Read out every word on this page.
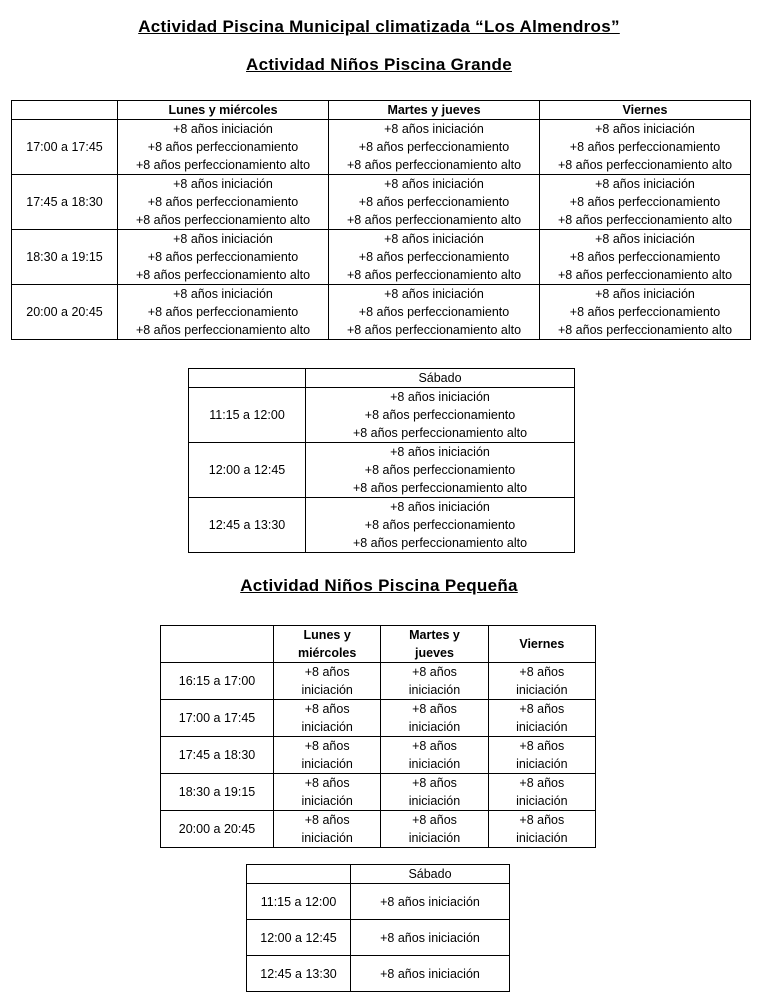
Actividad Piscina Municipal climatizada “Los Almendros”
Actividad Niños Piscina Grande
	Lunes y miércoles	Martes y jueves	Viernes
17:00 a 17:45	+8 años iniciación
+8 años perfeccionamiento
+8 años perfeccionamiento alto	+8 años iniciación
+8 años perfeccionamiento
+8 años perfeccionamiento alto	+8 años iniciación
+8 años perfeccionamiento
+8 años perfeccionamiento alto

17:45 a 18:30	+8 años iniciación
+8 años perfeccionamiento
+8 años perfeccionamiento alto	+8 años iniciación
+8 años perfeccionamiento
+8 años perfeccionamiento alto	+8 años iniciación
+8 años perfeccionamiento
+8 años perfeccionamiento alto

18:30 a 19:15	+8 años iniciación
+8 años perfeccionamiento
+8 años perfeccionamiento alto	+8 años iniciación
+8 años perfeccionamiento
+8 años perfeccionamiento alto	+8 años iniciación
+8 años perfeccionamiento
+8 años perfeccionamiento alto

20:00 a 20:45	+8 años iniciación
+8 años perfeccionamiento
+8 años perfeccionamiento alto	+8 años iniciación
+8 años perfeccionamiento
+8 años perfeccionamiento alto	+8 años iniciación
+8 años perfeccionamiento
+8 años perfeccionamiento alto
	Sábado
11:15 a 12:00	+8 años iniciación
+8 años perfeccionamiento
+8 años perfeccionamiento alto

12:00 a 12:45	+8 años iniciación
+8 años perfeccionamiento
+8 años perfeccionamiento alto

12:45 a 13:30	+8 años iniciación
+8 años perfeccionamiento
+8 años perfeccionamiento alto
Actividad Niños Piscina Pequeña
	Lunes y miércoles	Martes y jueves	Viernes
16:15 a 17:00	+8 años iniciación	+8 años iniciación	+8 años iniciación

17:00 a 17:45	+8 años iniciación	+8 años iniciación	+8 años iniciación

17:45 a 18:30	+8 años iniciación	+8 años iniciación	+8 años iniciación

18:30 a 19:15	+8 años iniciación	+8 años iniciación	+8 años iniciación

20:00 a 20:45	+8 años iniciación	+8 años iniciación	+8 años iniciación
	Sábado
11:15 a 12:00	+8 años iniciación

12:00 a 12:45	+8 años iniciación

12:45 a 13:30	+8 años iniciación
